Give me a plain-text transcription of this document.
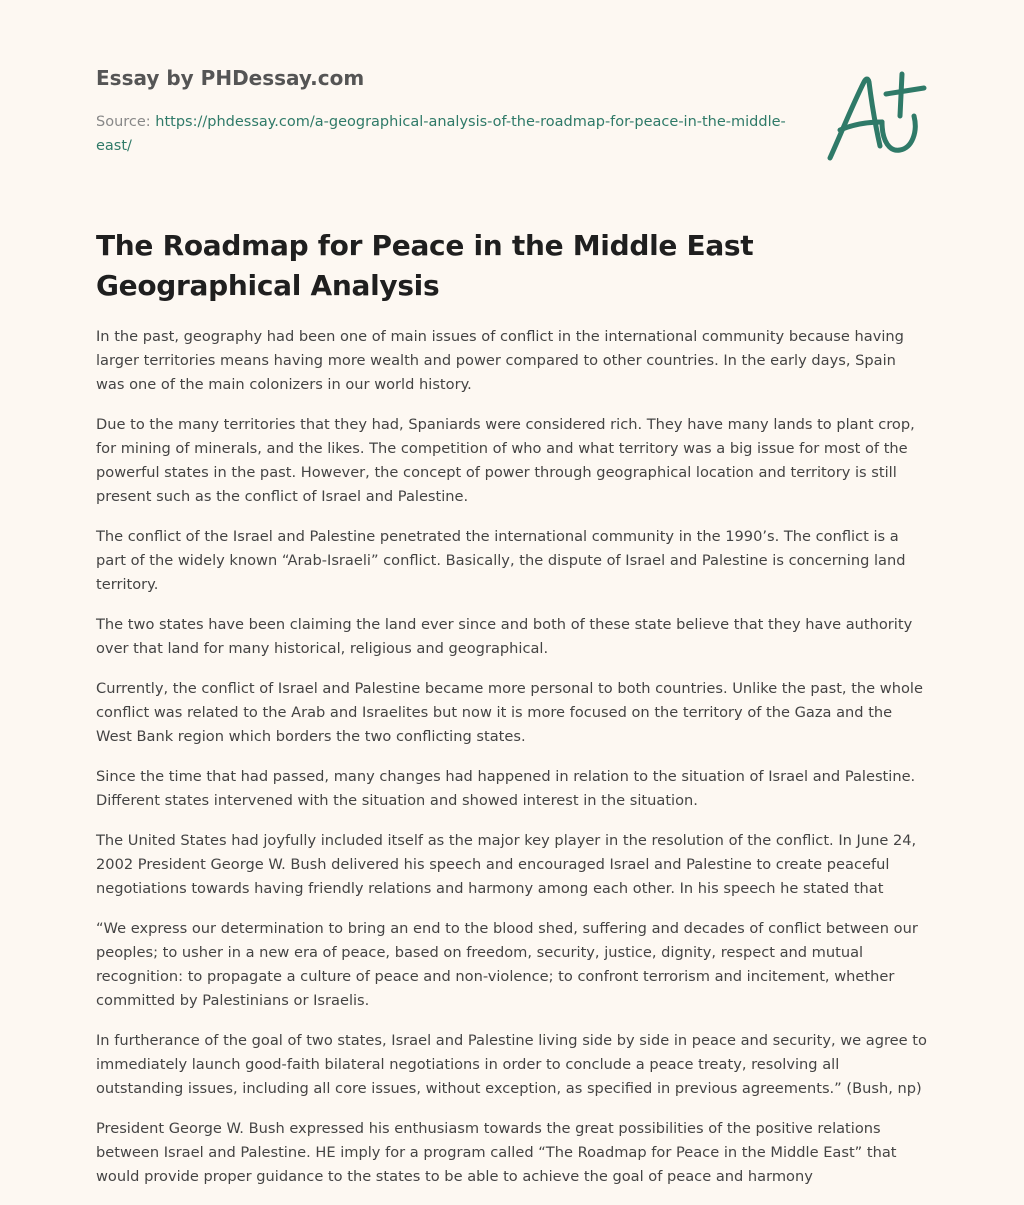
Essay by PHDessay.com
Source: https://phdessay.com/a-geographical-analysis-of-the-roadmap-for-peace-in-the-middle-east/
The Roadmap for Peace in the Middle East Geographical Analysis

In the past, geography had been one of main issues of conflict in the international community because having larger territories means having more wealth and power compared to other countries. In the early days, Spain was one of the main colonizers in our world history.

Due to the many territories that they had, Spaniards were considered rich. They have many lands to plant crop, for mining of minerals, and the likes. The competition of who and what territory was a big issue for most of the powerful states in the past. However, the concept of power through geographical location and territory is still present such as the conflict of Israel and Palestine.

The conflict of the Israel and Palestine penetrated the international community in the 1990’s. The conflict is a part of the widely known “Arab-Israeli” conflict. Basically, the dispute of Israel and Palestine is concerning land territory.

The two states have been claiming the land ever since and both of these state believe that they have authority over that land for many historical, religious and geographical.

Currently, the conflict of Israel and Palestine became more personal to both countries. Unlike the past, the whole conflict was related to the Arab and Israelites but now it is more focused on the territory of the Gaza and the West Bank region which borders the two conflicting states.

Since the time that had passed, many changes had happened in relation to the situation of Israel and Palestine. Different states intervened with the situation and showed interest in the situation.

The United States had joyfully included itself as the major key player in the resolution of the conflict. In June 24, 2002 President George W. Bush delivered his speech and encouraged Israel and Palestine to create peaceful negotiations towards having friendly relations and harmony among each other. In his speech he stated that

“We express our determination to bring an end to the blood shed, suffering and decades of conflict between our peoples; to usher in a new era of peace, based on freedom, security, justice, dignity, respect and mutual recognition: to propagate a culture of peace and non-violence; to confront terrorism and incitement, whether committed by Palestinians or Israelis.

In furtherance of the goal of two states, Israel and Palestine living side by side in peace and security, we agree to immediately launch good-faith bilateral negotiations in order to conclude a peace treaty, resolving all outstanding issues, including all core issues, without exception, as specified in previous agreements.” (Bush, np)

President George W. Bush expressed his enthusiasm towards the great possibilities of the positive relations between Israel and Palestine. HE imply for a program called “The Roadmap for Peace in the Middle East” that would provide proper guidance to the states to be able to achieve the goal of peace and harmony
